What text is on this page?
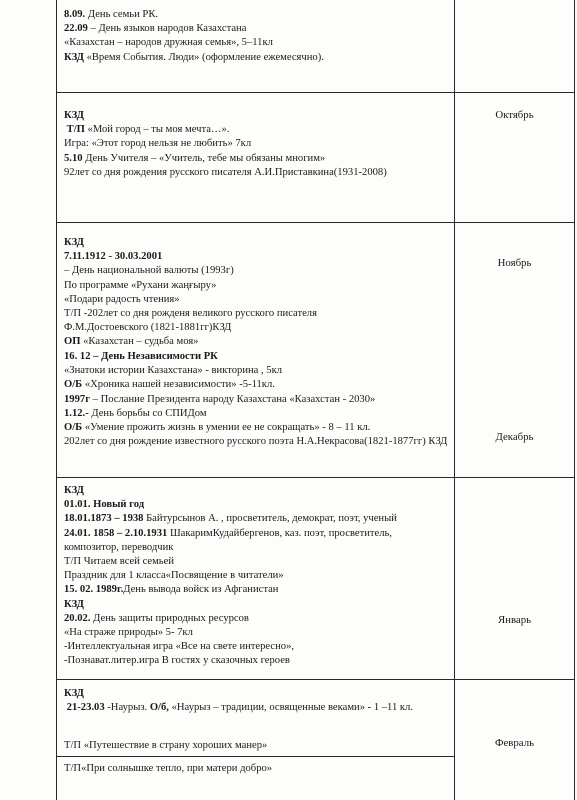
Октябрь
Ноябрь
Декабрь
Январь
Февраль
8.09. День семьи РК.
22.09 – День языков народов Казахстана
«Казахстан – народов дружная семья», 5–11кл
КЗД «Время События. Люди» (оформление ежемесячно).
КЗД
Т/П «Мой город – ты моя мечта…».
Игра: «Этот город нельзя не любить» 7кл
5.10 День Учителя – «Учитель, тебе мы обязаны многим»
92лет со дня рождения русского писателя А.И.Приставкина(1931-2008)
КЗД
7.11.1912 - 30.03.2001
– День национальной валюты (1993г)
По программе «Рухани жаңғыру»
«Подари радость чтения»
Т/П -202лет со дня рожденя великого русского писателя
Ф.М.Достоевского (1821-1881гг)КЗД
ОП «Казахстан – судьба моя»
16. 12 – День Независимости РК
«Знатоки истории Казахстана» - викторина , 5кл
О/Б «Хроника нашей независимости» -5-11кл.
1997г – Послание Президента народу Казахстана «Казахстан - 2030»
1.12.- День борьбы со СПИДом
О/Б «Умение прожить жизнь в умении ее не сокращать» - 8 – 11 кл.
202лет со дня рождение известного русского поэта Н.А.Некрасова(1821-1877гг) КЗД
КЗД
01.01. Новый год
18.01.1873 – 1938 Байтурсынов А. , просветитель, демократ, поэт, ученый
24.01. 1858 – 2.10.1931 ШакаримКудайбергенов, каз. поэт, просветитель,
композитор, переводчик
Т/П Читаем всей семьей
Праздник для 1 класса«Посвящение в читатели»
15. 02. 1989г.День вывода войск из Афганистан
КЗД
20.02. День защиты природных ресурсов
«На страже природы» 5- 7кл
-Интеллектуальная игра «Все на свете интересно»,
-Познават.литер.игра В гостях у сказочных героев
КЗД
21-23.03 -Наурыз. О/б, «Наурыз – традиции, освященные веками» - 1 –11 кл.
Т/П «Путешествие в страну хороших манер»
Т/П«При солнышке тепло, при матери добро»
